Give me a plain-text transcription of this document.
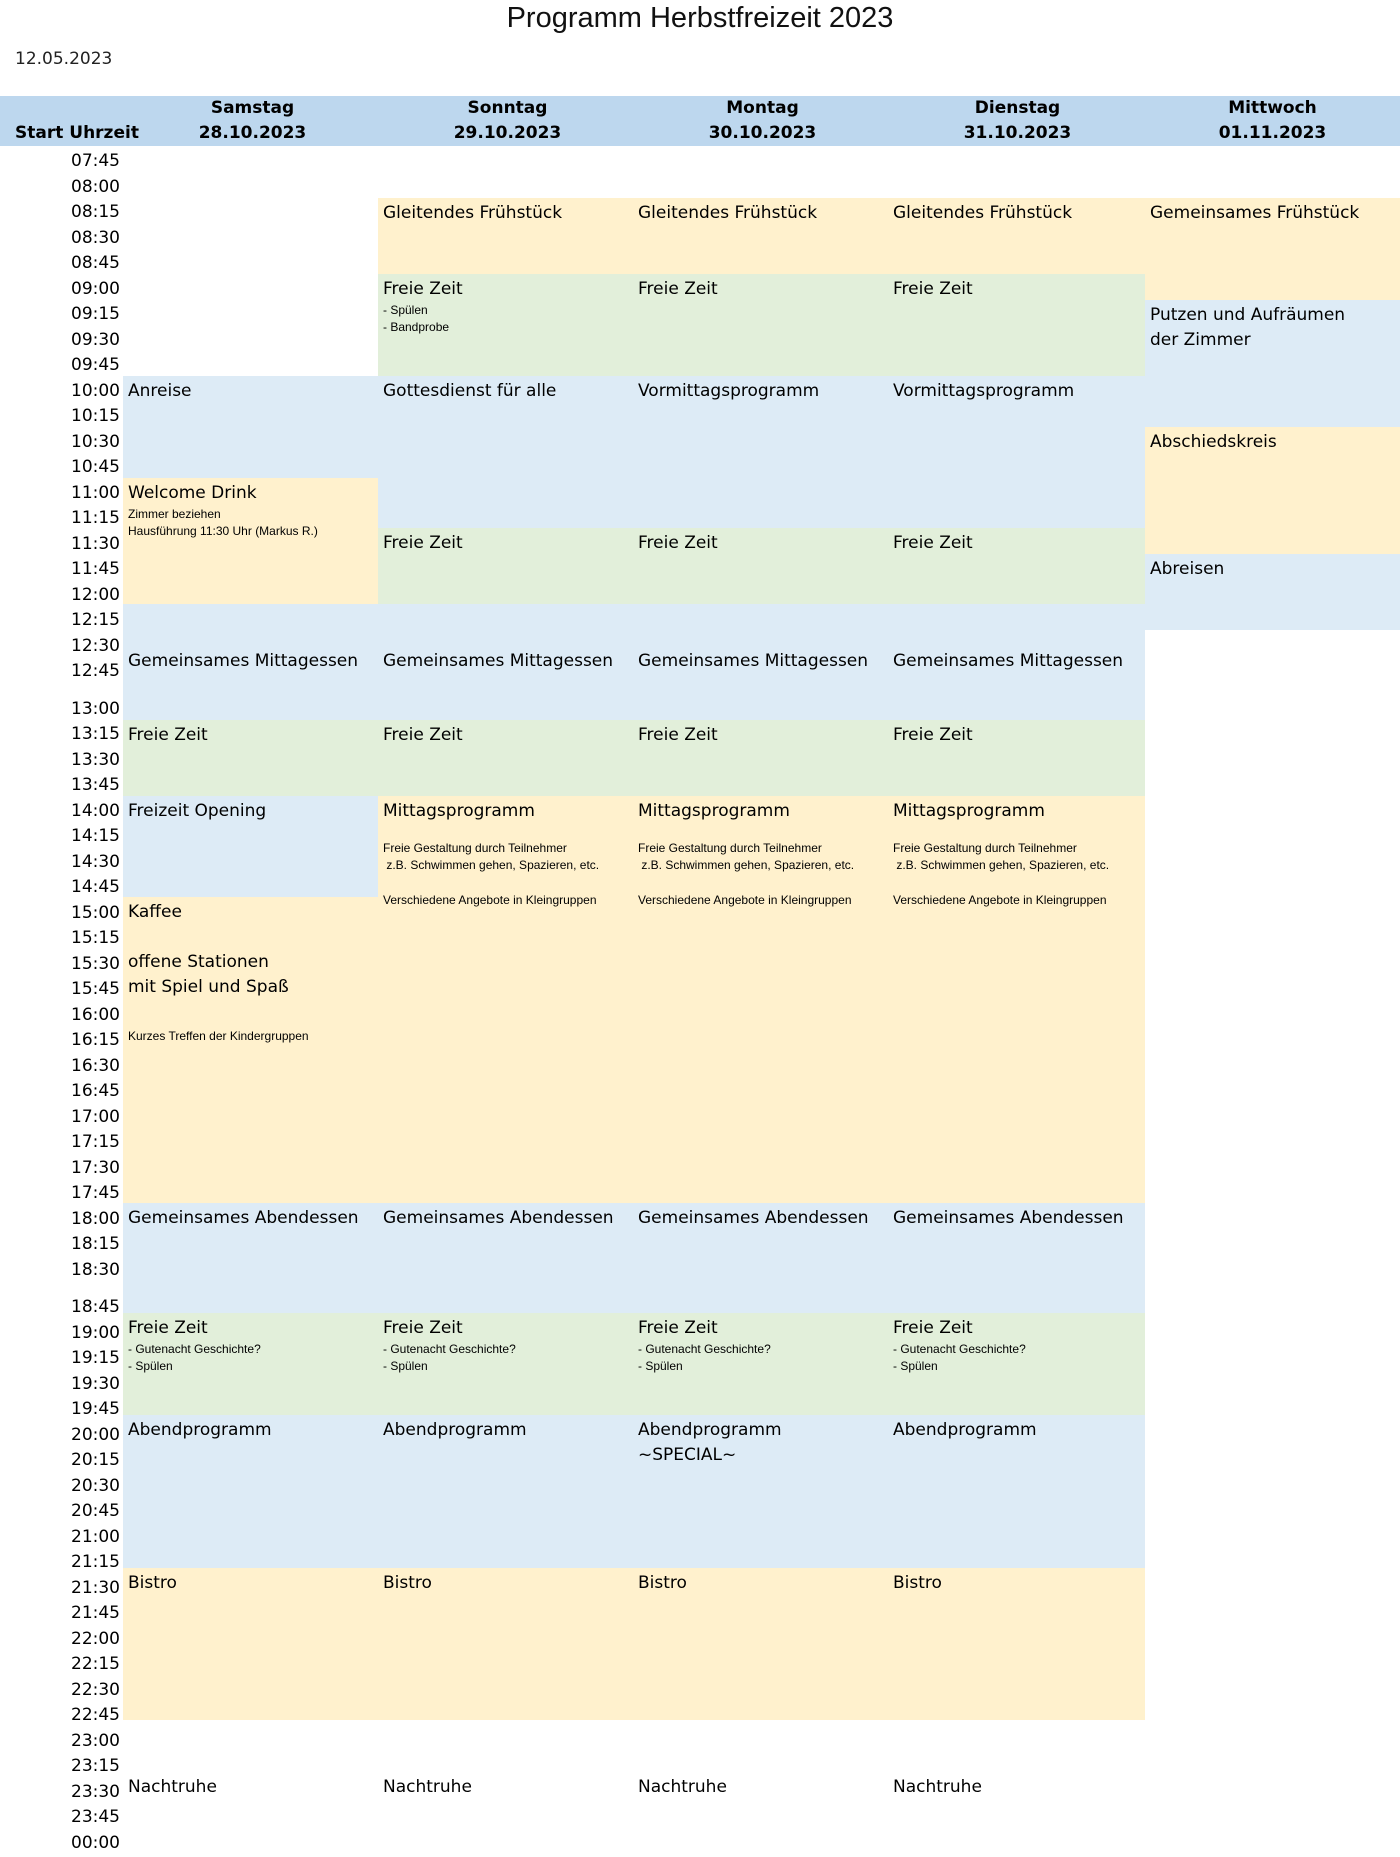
Programm Herbstfreizeit 2023
12.05.2023
Start Uhrzeit
Samstag
28.10.2023
Sonntag
29.10.2023
Montag
30.10.2023
Dienstag
31.10.2023
Mittwoch
01.11.2023
07:45
08:00
08:15
08:30
08:45
09:00
09:15
09:30
09:45
10:00
10:15
10:30
10:45
11:00
11:15
11:30
11:45
12:00
12:15
12:30
12:45
13:00
13:15
13:30
13:45
14:00
14:15
14:30
14:45
15:00
15:15
15:30
15:45
16:00
16:15
16:30
16:45
17:00
17:15
17:30
17:45
18:00
18:15
18:30
18:45
19:00
19:15
19:30
19:45
20:00
20:15
20:30
20:45
21:00
21:15
21:30
21:45
22:00
22:15
22:30
22:45
23:00
23:15
23:30
23:45
00:00
Anreise
Welcome Drink
Zimmer beziehen
Hausführung 11:30 Uhr (Markus R.)
Gemeinsames Mittagessen
Freie Zeit
Freizeit Opening
Kaffee
offene Stationen
mit Spiel und Spaß
Kurzes Treffen der Kindergruppen
Gemeinsames Abendessen
Freie Zeit
- Gutenacht Geschichte?
- Spülen
Abendprogramm
Bistro
Nachtruhe
Gleitendes Frühstück
Freie Zeit
- Spülen
- Bandprobe
Gottesdienst für alle
Freie Zeit
Gemeinsames Mittagessen
Freie Zeit
Mittagsprogramm
Freie Gestaltung durch Teilnehmer
z.B. Schwimmen gehen, Spazieren, etc.
Verschiedene Angebote in Kleingruppen
Gemeinsames Abendessen
Freie Zeit
- Gutenacht Geschichte?
- Spülen
Abendprogramm
Bistro
Nachtruhe
Gleitendes Frühstück
Freie Zeit
Vormittagsprogramm
Freie Zeit
Gemeinsames Mittagessen
Freie Zeit
Mittagsprogramm
Freie Gestaltung durch Teilnehmer
z.B. Schwimmen gehen, Spazieren, etc.
Verschiedene Angebote in Kleingruppen
Gemeinsames Abendessen
Freie Zeit
- Gutenacht Geschichte?
- Spülen
Abendprogramm
~SPECIAL~
Bistro
Nachtruhe
Gleitendes Frühstück
Freie Zeit
Vormittagsprogramm
Freie Zeit
Gemeinsames Mittagessen
Freie Zeit
Mittagsprogramm
Freie Gestaltung durch Teilnehmer
z.B. Schwimmen gehen, Spazieren, etc.
Verschiedene Angebote in Kleingruppen
Gemeinsames Abendessen
Freie Zeit
- Gutenacht Geschichte?
- Spülen
Abendprogramm
Bistro
Nachtruhe
Gemeinsames Frühstück
Putzen und Aufräumen
der Zimmer
Abschiedskreis
Abreisen
